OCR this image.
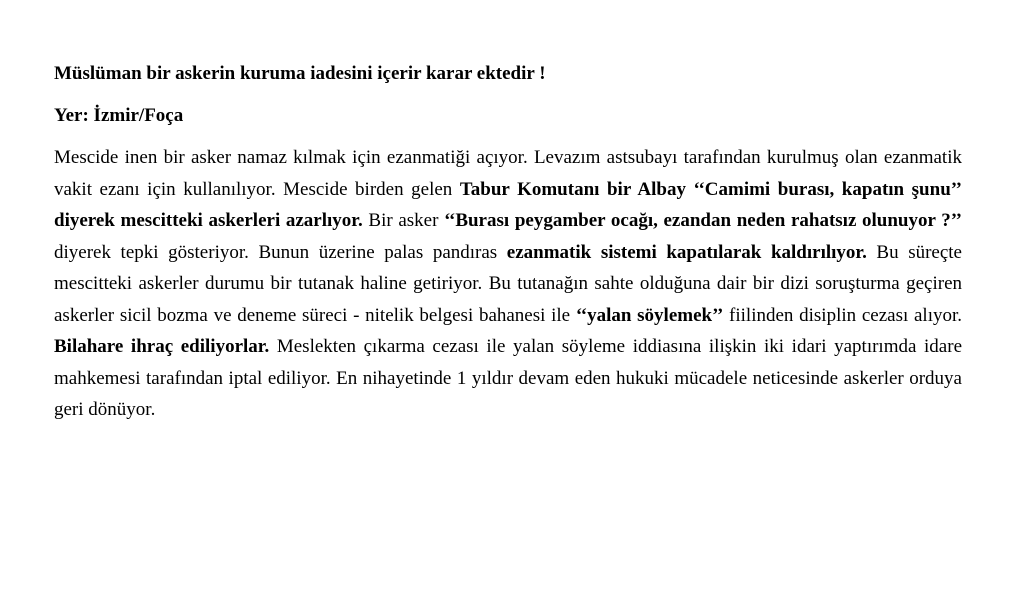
Müslüman bir askerin kuruma iadesini içerir karar ektedir !

Yer: İzmir/Foça

Mescide inen bir asker namaz kılmak için ezanmatiği açıyor. Levazım astsubayı tarafından kurulmuş olan ezanmatik vakit ezanı için kullanılıyor. Mescide birden gelen Tabur Komutanı bir Albay ‘‘Camimi burası, kapatın şunu’’ diyerek mescitteki askerleri azarlıyor. Bir asker ‘‘Burası peygamber ocağı, ezandan neden rahatsız olunuyor ?’’ diyerek tepki gösteriyor. Bunun üzerine palas pandıras ezanmatik sistemi kapatılarak kaldırılıyor. Bu süreçte mescitteki askerler durumu bir tutanak haline getiriyor. Bu tutanağın sahte olduğuna dair bir dizi soruşturma geçiren askerler sicil bozma ve deneme süreci - nitelik belgesi bahanesi ile ‘‘yalan söylemek’’ fiilinden disiplin cezası alıyor. Bilahare ihraç ediliyorlar. Meslekten çıkarma cezası ile yalan söyleme iddiasına ilişkin iki idari yaptırımda idare mahkemesi tarafından iptal ediliyor. En nihayetinde 1 yıldır devam eden hukuki mücadele neticesinde askerler orduya geri dönüyor.
